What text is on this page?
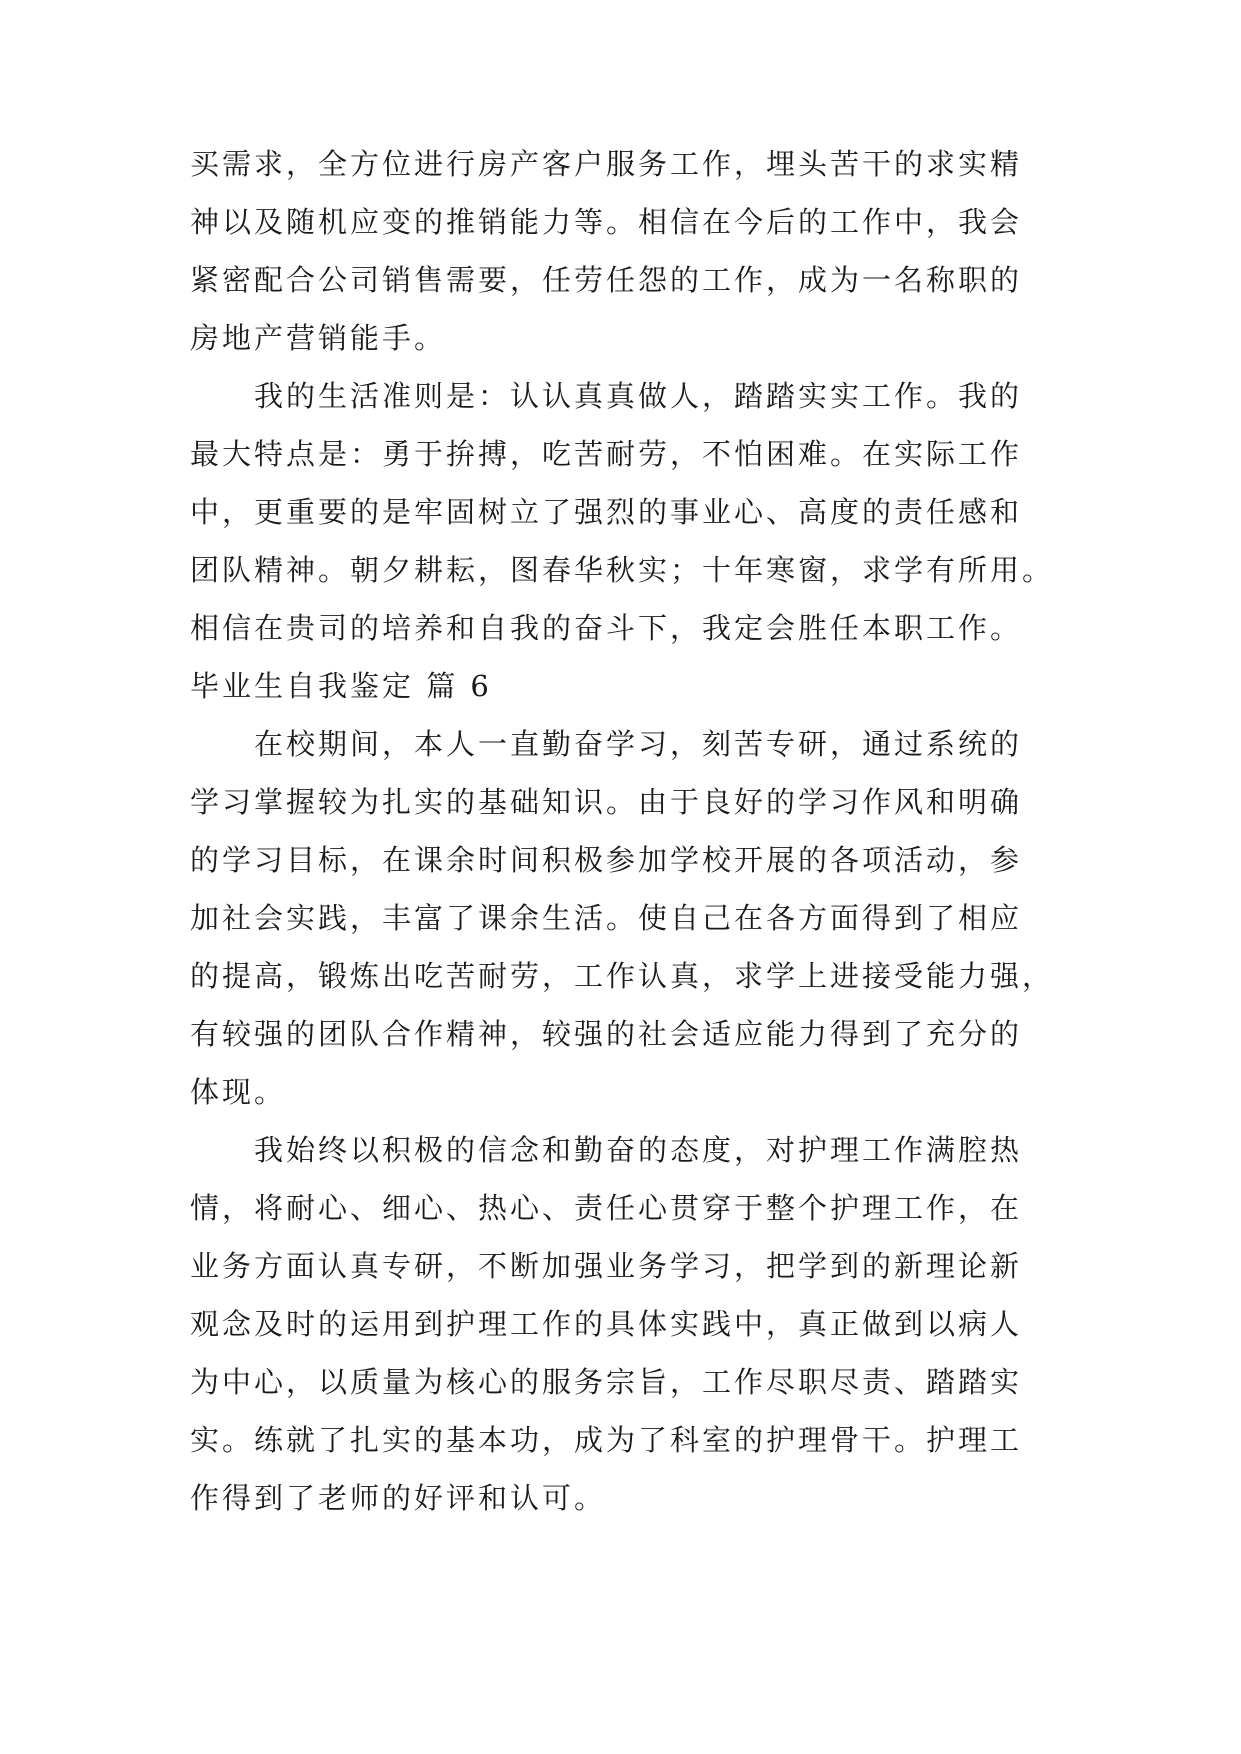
买需求，全方位进行房产客户服务工作，埋头苦干的求实精
神以及随机应变的推销能力等。相信在今后的工作中，我会
紧密配合公司销售需要，任劳任怨的工作，成为一名称职的
房地产营销能手。
我的生活准则是：认认真真做人，踏踏实实工作。我的
最大特点是：勇于拚搏，吃苦耐劳，不怕困难。在实际工作
中，更重要的是牢固树立了强烈的事业心、高度的责任感和
团队精神。朝夕耕耘，图春华秋实；十年寒窗，求学有所用。
相信在贵司的培养和自我的奋斗下，我定会胜任本职工作。
毕业生自我鉴定 篇 6
在校期间，本人一直勤奋学习，刻苦专研，通过系统的
学习掌握较为扎实的基础知识。由于良好的学习作风和明确
的学习目标，在课余时间积极参加学校开展的各项活动，参
加社会实践，丰富了课余生活。使自己在各方面得到了相应
的提高，锻炼出吃苦耐劳，工作认真，求学上进接受能力强，
有较强的团队合作精神，较强的社会适应能力得到了充分的
体现。
我始终以积极的信念和勤奋的态度，对护理工作满腔热
情，将耐心、细心、热心、责任心贯穿于整个护理工作，在
业务方面认真专研，不断加强业务学习，把学到的新理论新
观念及时的运用到护理工作的具体实践中，真正做到以病人
为中心，以质量为核心的服务宗旨，工作尽职尽责、踏踏实
实。练就了扎实的基本功，成为了科室的护理骨干。护理工
作得到了老师的好评和认可。
